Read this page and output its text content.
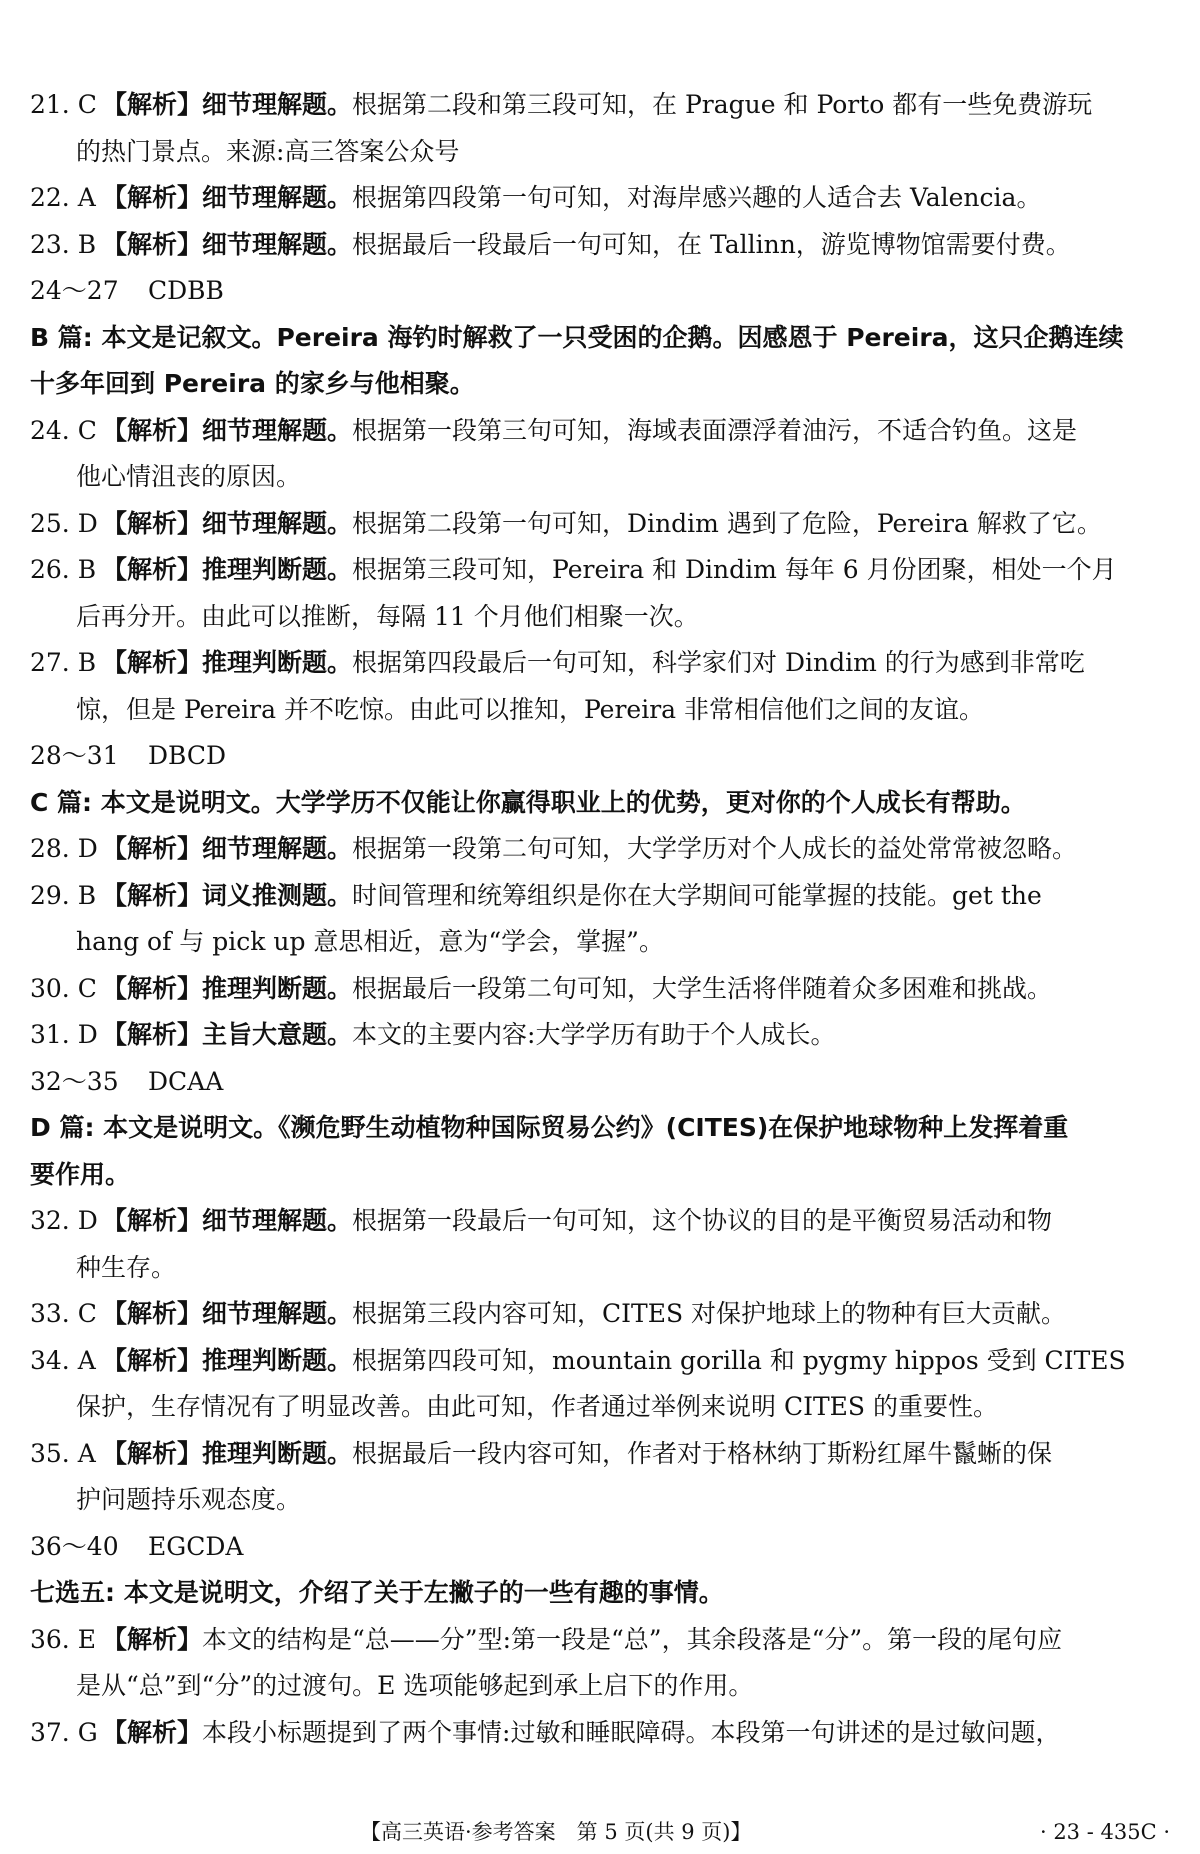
21. C 【解析】细节理解题。根据第二段和第三段可知，在 Prague 和 Porto 都有一些免费游玩
的热门景点。来源:高三答案公众号
22. A 【解析】细节理解题。根据第四段第一句可知，对海岸感兴趣的人适合去 Valencia。
23. B 【解析】细节理解题。根据最后一段最后一句可知，在 Tallinn，游览博物馆需要付费。
24～27 CDBB
B 篇: 本文是记叙文。Pereira 海钓时解救了一只受困的企鹅。因感恩于 Pereira，这只企鹅连续
十多年回到 Pereira 的家乡与他相聚。
24. C 【解析】细节理解题。根据第一段第三句可知，海域表面漂浮着油污，不适合钓鱼。这是
他心情沮丧的原因。
25. D 【解析】细节理解题。根据第二段第一句可知，Dindim 遇到了危险，Pereira 解救了它。
26. B 【解析】推理判断题。根据第三段可知，Pereira 和 Dindim 每年 6 月份团聚，相处一个月
后再分开。由此可以推断，每隔 11 个月他们相聚一次。
27. B 【解析】推理判断题。根据第四段最后一句可知，科学家们对 Dindim 的行为感到非常吃
惊，但是 Pereira 并不吃惊。由此可以推知，Pereira 非常相信他们之间的友谊。
28～31 DBCD
C 篇: 本文是说明文。大学学历不仅能让你赢得职业上的优势，更对你的个人成长有帮助。
28. D 【解析】细节理解题。根据第一段第二句可知，大学学历对个人成长的益处常常被忽略。
29. B 【解析】词义推测题。时间管理和统筹组织是你在大学期间可能掌握的技能。get the
hang of 与 pick up 意思相近，意为“学会，掌握”。
30. C 【解析】推理判断题。根据最后一段第二句可知，大学生活将伴随着众多困难和挑战。
31. D 【解析】主旨大意题。本文的主要内容:大学学历有助于个人成长。
32～35 DCAA
D 篇: 本文是说明文。《濒危野生动植物种国际贸易公约》(CITES)在保护地球物种上发挥着重
要作用。
32. D 【解析】细节理解题。根据第一段最后一句可知，这个协议的目的是平衡贸易活动和物
种生存。
33. C 【解析】细节理解题。根据第三段内容可知，CITES 对保护地球上的物种有巨大贡献。
34. A 【解析】推理判断题。根据第四段可知，mountain gorilla 和 pygmy hippos 受到 CITES
保护，生存情况有了明显改善。由此可知，作者通过举例来说明 CITES 的重要性。
35. A 【解析】推理判断题。根据最后一段内容可知，作者对于格林纳丁斯粉红犀牛鬣蜥的保
护问题持乐观态度。
36～40 EGCDA
七选五: 本文是说明文，介绍了关于左撇子的一些有趣的事情。
36. E 【解析】本文的结构是“总——分”型:第一段是“总”，其余段落是“分”。第一段的尾句应
是从“总”到“分”的过渡句。E 选项能够起到承上启下的作用。
37. G 【解析】本段小标题提到了两个事情:过敏和睡眠障碍。本段第一句讲述的是过敏问题，
【高三英语·参考答案　第 5 页(共 9 页)】	· 23 - 435C ·
